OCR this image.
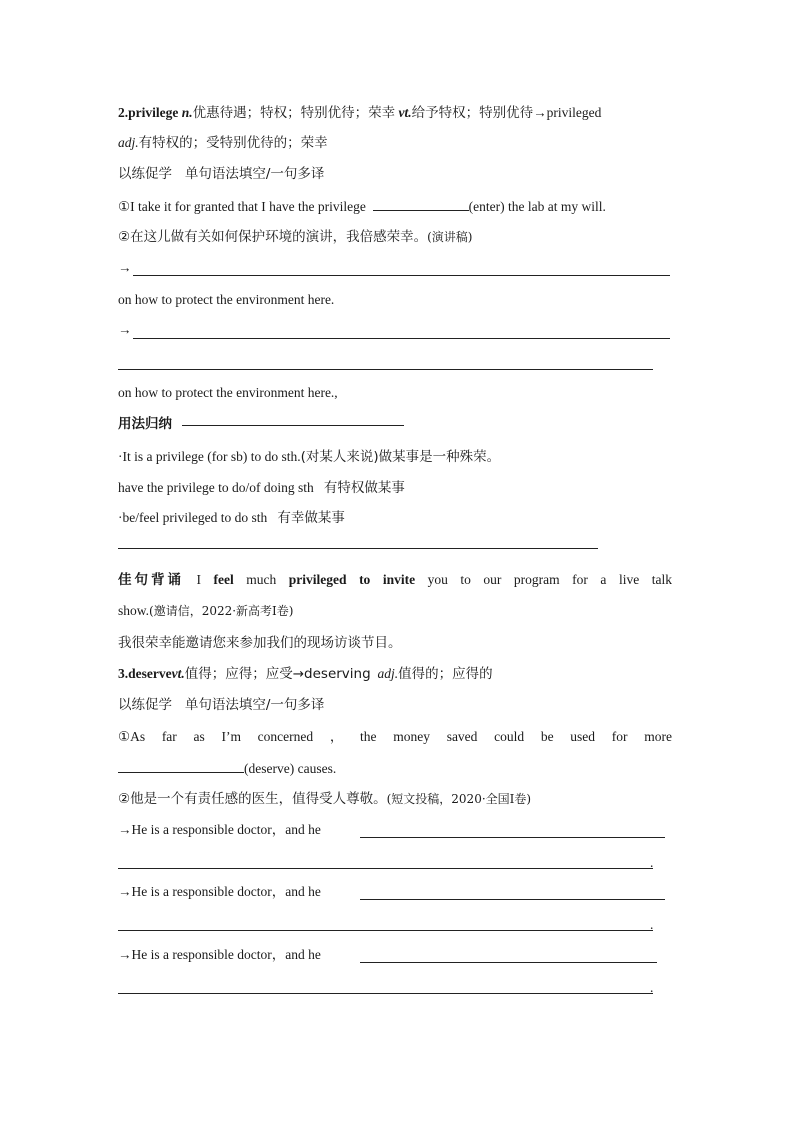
2.privilege n.优惠待遇；特权；特别优待；荣幸 vt.给予特权；特别优待→privileged
adj.有特权的；受特别优待的；荣幸
以练促学 单句语法填空/一句多译
①I take it for granted that I have the privilege	(enter) the lab at my will.
②在这儿做有关如何保护环境的演讲，我倍感荣幸。(演讲稿)
→
on how to protect the environment here.
→
on how to protect the environment here.,
用法归纳
·It is a privilege (for sb) to do sth.(对某人来说)做某事是一种殊荣。
have the privilege to do/of doing sth 有特权做某事
·be/feel privileged to do sth 有幸做某事
佳句背诵 I feel much privileged to invite you to our program for a live talk
show.(邀请信，2022·新高考Ⅰ卷)
我很荣幸能邀请您来参加我们的现场访谈节目。
3.deservevt.值得；应得；应受→deserving adj.值得的；应得的
以练促学 单句语法填空/一句多译
①As far as I’m concerned ， the money saved could be used for more
(deserve) causes.
②他是一个有责任感的医生，值得受人尊敬。(短文投稿，2020·全国Ⅰ卷)
→He is a responsible doctor，and he
.
→He is a responsible doctor，and he
.
→He is a responsible doctor，and he
.
